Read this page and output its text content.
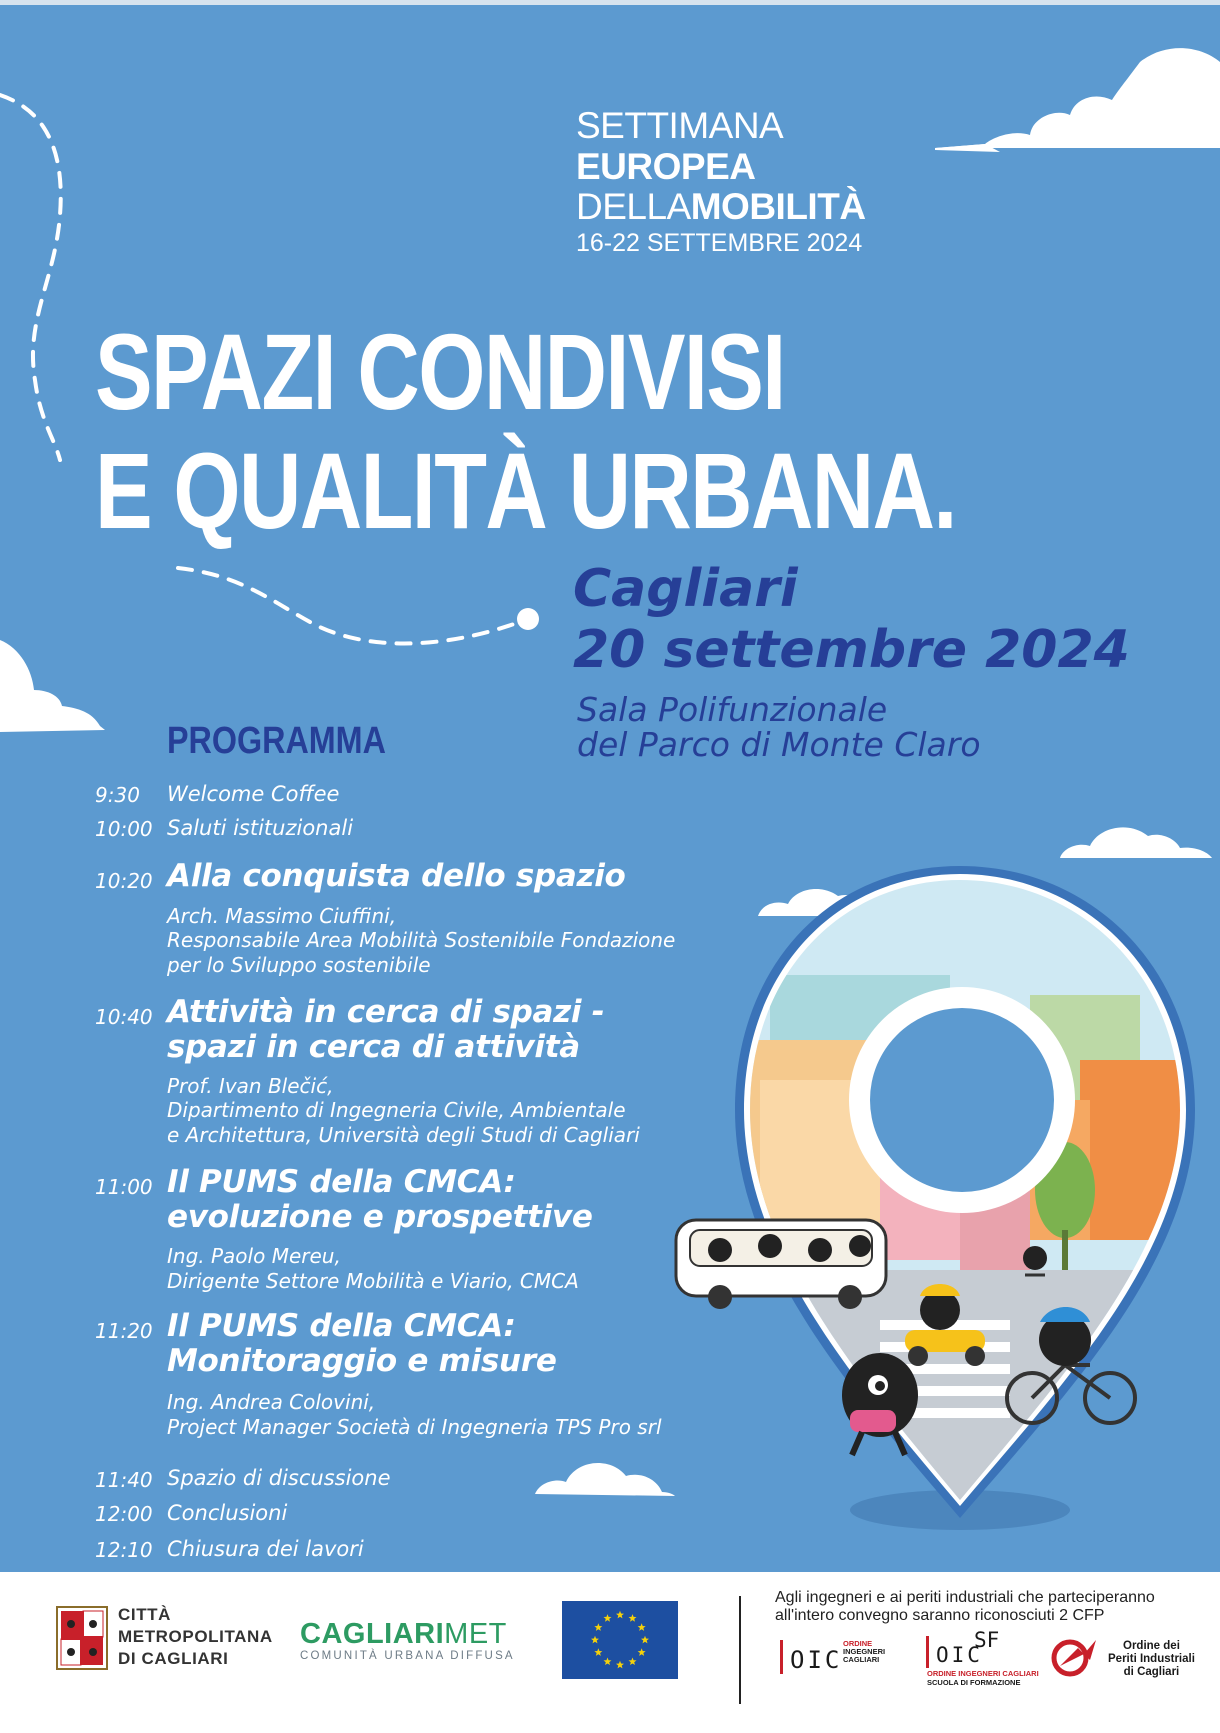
SETTIMANA
EUROPEA
DELLAMOBILITÀ
16-22 SETTEMBRE 2024
SPAZI CONDIVISI
E QUALITÀ URBANA.
Cagliari
20 settembre 2024
Sala Polifunzionale
del Parco di Monte Claro
PROGRAMMA
9:30 Welcome Coffee
10:00 Saluti istituzionali
10:20 Alla conquista dello spazio
Arch. Massimo Ciuffini,
Responsabile Area Mobilità Sostenibile Fondazione
per lo Sviluppo sostenibile
10:40 Attività in cerca di spazi -
spazi in cerca di attività
Prof. Ivan Blečić,
Dipartimento di Ingegneria Civile, Ambientale
e Architettura, Università degli Studi di Cagliari
11:00 Il PUMS della CMCA:
evoluzione e prospettive
Ing. Paolo Mereu,
Dirigente Settore Mobilità e Viario, CMCA
11:20 Il PUMS della CMCA:
Monitoraggio e misure
Ing. Andrea Colovini,
Project Manager Società di Ingegneria TPS Pro srl
11:40 Spazio di discussione
12:00 Conclusioni
12:10 Chiusura dei lavori
CITTÀ
METROPOLITANA
DI CAGLIARI
CAGLIARIMET
COMUNITÀ URBANA DIFFUSA
Agli ingegneri e ai periti industriali che parteciperanno
all'intero convegno saranno riconosciuti 2 CFP
OIC
ORDINE
INGEGNERI
CAGLIARI	OIC
SF
ORDINE INGEGNERI CAGLIARI
SCUOLA DI FORMAZIONE
Ordine dei
Periti Industriali
di Cagliari
